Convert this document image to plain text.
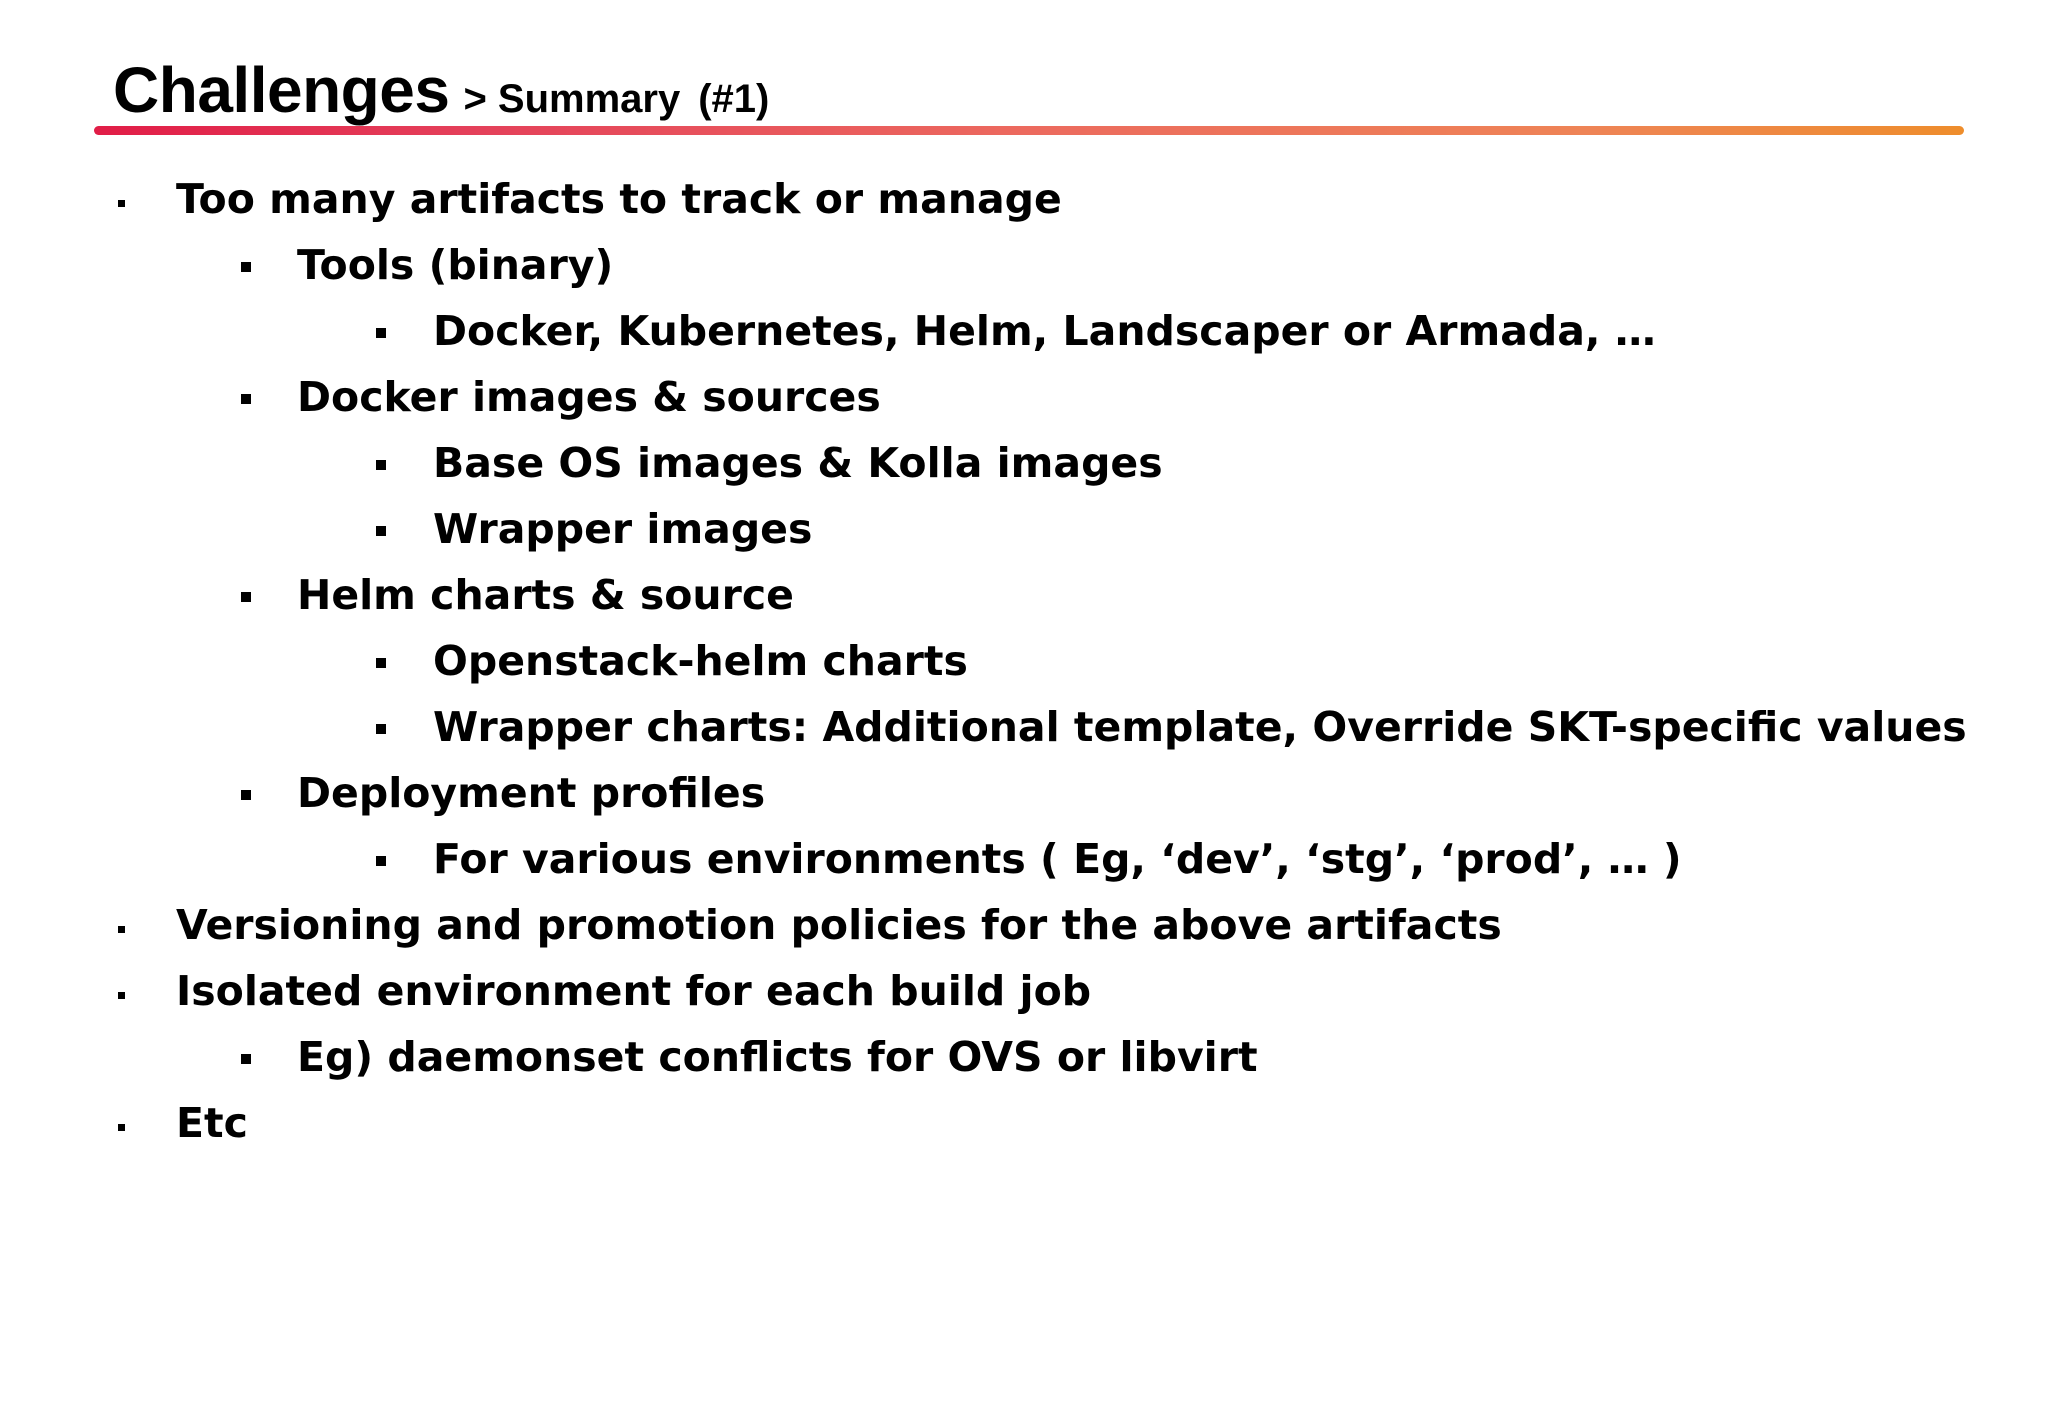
Challenges > Summary (#1)
Too many artifacts to track or manage
Tools (binary)
Docker, Kubernetes, Helm, Landscaper or Armada, …
Docker images & sources
Base OS images & Kolla images
Wrapper images
Helm charts & source
Openstack-helm charts
Wrapper charts: Additional template, Override SKT-specific values
Deployment profiles
For various environments ( Eg, ‘dev’, ‘stg’, ‘prod’, … )
Versioning and promotion policies for the above artifacts
Isolated environment for each build job
Eg) daemonset conflicts for OVS or libvirt
Etc
